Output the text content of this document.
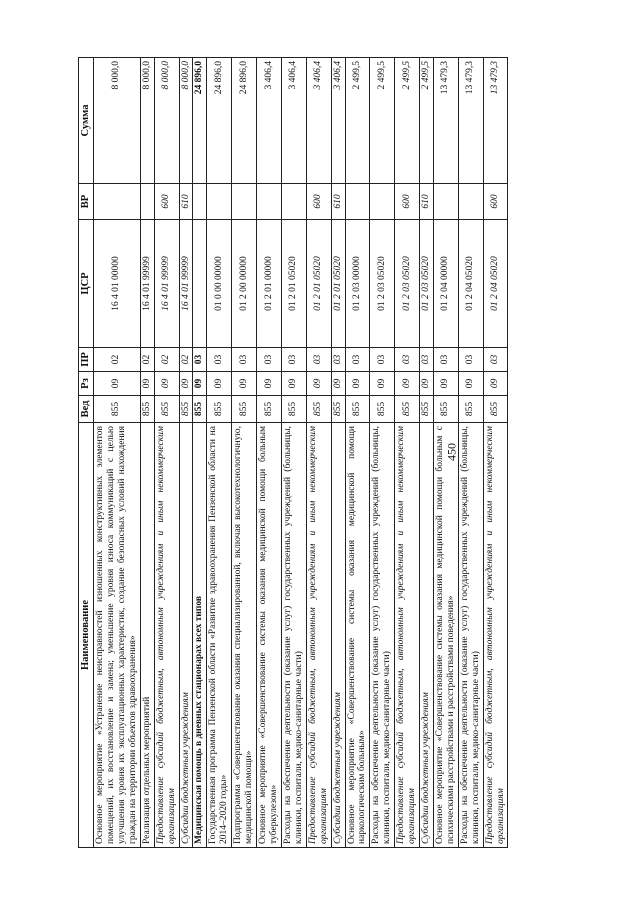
450
Наименование	Вед	Рз	ПР	ЦСР	ВР	Сумма
Основное мероприятие «Устранение неисправностей изношенных конструктивных элементов помещений, их восстановление и замена; уменьшение уровня износа коммуникаций с целью улучшения уровня их эксплуатационных характеристик, создание безопасных условий нахождения граждан на территории объектов здравоохранения»	855	09	02	16 4 01 00000		8 000,0
Реализация отдельных мероприятий	855	09	02	16 4 01 99999		8 000,0
Предоставление субсидий бюджетным, автономным учреждениям и иным некоммерческим организациям	855	09	02	16 4 01 99999	600	8 000,0
Субсидии бюджетным учреждениям	855	09	02	16 4 01 99999	610	8 000,0
Медицинская помощь в дневных стационарах всех типов	855	09	03			24 896,0
Государственная программа Пензенской области «Развитие здравоохранения Пензенской области на 2014–2020 годы»	855	09	03	01 0 00 00000		24 896,0
Подпрограмма «Совершенствование оказания специализированной, включая высокотехнологичную, медицинской помощи»	855	09	03	01 2 00 00000		24 896,0
Основное мероприятие «Совершенствование системы оказания медицинской помощи больным туберкулезом»	855	09	03	01 2 01 00000		3 406,4
Расходы на обеспечение деятельности (оказание услуг) государственных учреждений (больницы, клиники, госпитали, медико-санитарные части)	855	09	03	01 2 01 05020		3 406,4
Предоставление субсидий бюджетным, автономным учреждениям и иным некоммерческим организациям	855	09	03	01 2 01 05020	600	3 406,4
Субсидии бюджетным учреждениям	855	09	03	01 2 01 05020	610	3 406,4
Основное мероприятие «Совершенствование системы оказания медицинской помощи наркологическим больным»	855	09	03	01 2 03 00000		2 499,5
Расходы на обеспечение деятельности (оказание услуг) государственных учреждений (больницы, клиники, госпитали, медико-санитарные части)	855	09	03	01 2 03 05020		2 499,5
Предоставление субсидий бюджетным, автономным учреждениям и иным некоммерческим организациям	855	09	03	01 2 03 05020	600	2 499,5
Субсидии бюджетным учреждениям	855	09	03	01 2 03 05020	610	2 499,5
Основное мероприятие «Совершенствование системы оказания медицинской помощи больным с психическими расстройствами и расстройствами поведения»	855	09	03	01 2 04 00000		13 479,3
Расходы на обеспечение деятельности (оказание услуг) государственных учреждений (больницы, клиники, госпитали, медико-санитарные части)	855	09	03	01 2 04 05020		13 479,3
Предоставление субсидий бюджетным, автономным учреждениям и иным некоммерческим организациям	855	09	03	01 2 04 05020	600	13 479,3
